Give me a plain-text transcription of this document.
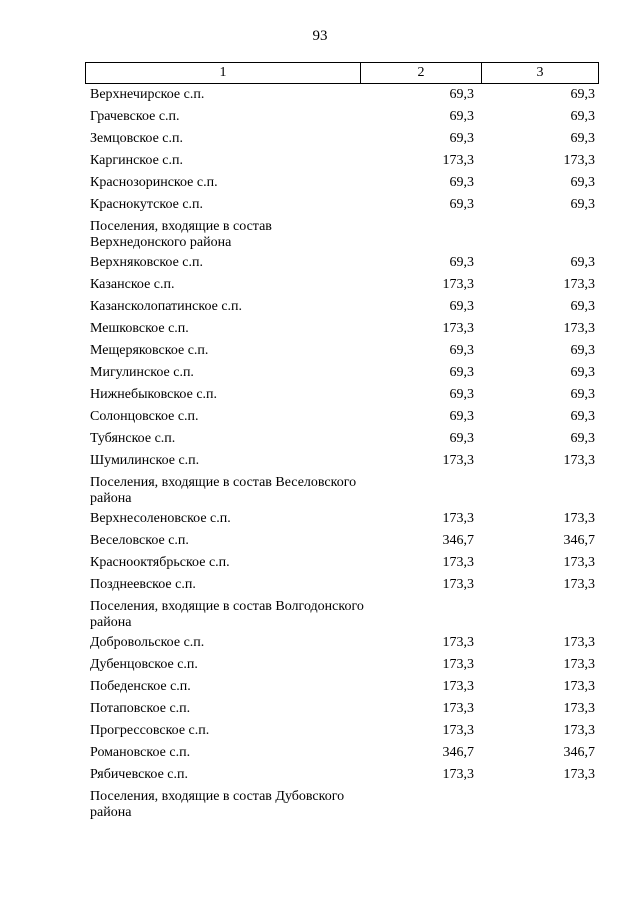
93
1	2	3
Верхнечирское с.п.	69,3	69,3
Грачевское с.п.	69,3	69,3
Земцовское с.п.	69,3	69,3
Каргинское с.п.	173,3	173,3
Краснозоринское с.п.	69,3	69,3
Краснокутское с.п.	69,3	69,3
Поселения, входящие в состав Верхнедонского района
Верхняковское с.п.	69,3	69,3
Казанское с.п.	173,3	173,3
Казансколопатинское с.п.	69,3	69,3
Мешковское с.п.	173,3	173,3
Мещеряковское с.п.	69,3	69,3
Мигулинское с.п.	69,3	69,3
Нижнебыковское с.п.	69,3	69,3
Солонцовское с.п.	69,3	69,3
Тубянское с.п.	69,3	69,3
Шумилинское с.п.	173,3	173,3
Поселения, входящие в состав Веселовского района
Верхнесоленовское с.п.	173,3	173,3
Веселовское с.п.	346,7	346,7
Краснооктябрьское с.п.	173,3	173,3
Позднеевское с.п.	173,3	173,3
Поселения, входящие в состав Волгодонского района
Добровольское с.п.	173,3	173,3
Дубенцовское с.п.	173,3	173,3
Победенское с.п.	173,3	173,3
Потаповское с.п.	173,3	173,3
Прогрессовское с.п.	173,3	173,3
Романовское с.п.	346,7	346,7
Рябичевское с.п.	173,3	173,3
Поселения, входящие в состав Дубовского района
